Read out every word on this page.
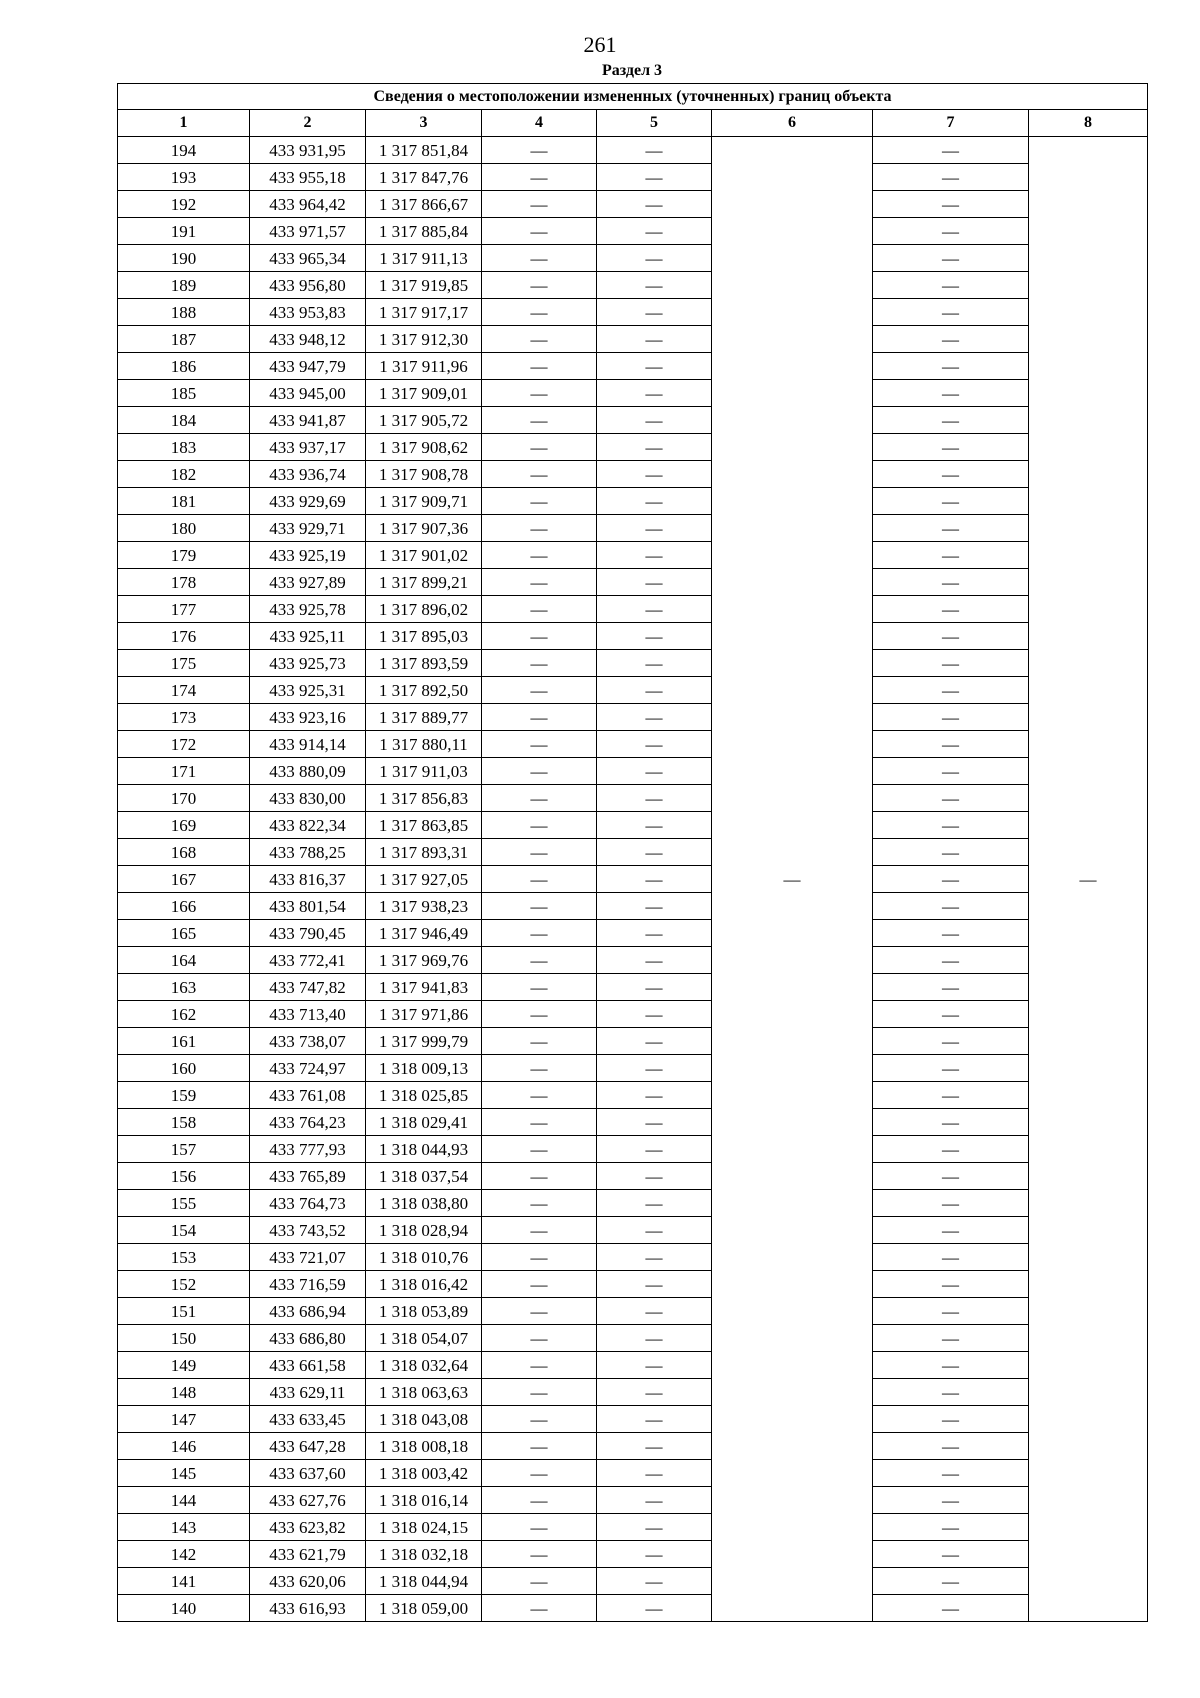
261
Раздел 3
Сведения о местоположении измененных (уточненных) границ объекта							
1	2	3	4	5	6	7	8
194	433 931,95	1 317 851,84	—	—	—	—	—
193	433 955,18	1 317 847,76	—	—		—	
192	433 964,42	1 317 866,67	—	—		—	
191	433 971,57	1 317 885,84	—	—		—	
190	433 965,34	1 317 911,13	—	—		—	
189	433 956,80	1 317 919,85	—	—		—	
188	433 953,83	1 317 917,17	—	—		—	
187	433 948,12	1 317 912,30	—	—		—	
186	433 947,79	1 317 911,96	—	—		—	
185	433 945,00	1 317 909,01	—	—		—	
184	433 941,87	1 317 905,72	—	—		—	
183	433 937,17	1 317 908,62	—	—		—	
182	433 936,74	1 317 908,78	—	—		—	
181	433 929,69	1 317 909,71	—	—		—	
180	433 929,71	1 317 907,36	—	—		—	
179	433 925,19	1 317 901,02	—	—		—	
178	433 927,89	1 317 899,21	—	—		—	
177	433 925,78	1 317 896,02	—	—		—	
176	433 925,11	1 317 895,03	—	—		—	
175	433 925,73	1 317 893,59	—	—		—	
174	433 925,31	1 317 892,50	—	—		—	
173	433 923,16	1 317 889,77	—	—		—	
172	433 914,14	1 317 880,11	—	—		—	
171	433 880,09	1 317 911,03	—	—		—	
170	433 830,00	1 317 856,83	—	—		—	
169	433 822,34	1 317 863,85	—	—		—	
168	433 788,25	1 317 893,31	—	—		—	
167	433 816,37	1 317 927,05	—	—		—	
166	433 801,54	1 317 938,23	—	—		—	
165	433 790,45	1 317 946,49	—	—		—	
164	433 772,41	1 317 969,76	—	—		—	
163	433 747,82	1 317 941,83	—	—		—	
162	433 713,40	1 317 971,86	—	—		—	
161	433 738,07	1 317 999,79	—	—		—	
160	433 724,97	1 318 009,13	—	—		—	
159	433 761,08	1 318 025,85	—	—		—	
158	433 764,23	1 318 029,41	—	—		—	
157	433 777,93	1 318 044,93	—	—		—	
156	433 765,89	1 318 037,54	—	—		—	
155	433 764,73	1 318 038,80	—	—		—	
154	433 743,52	1 318 028,94	—	—		—	
153	433 721,07	1 318 010,76	—	—		—	
152	433 716,59	1 318 016,42	—	—		—	
151	433 686,94	1 318 053,89	—	—		—	
150	433 686,80	1 318 054,07	—	—		—	
149	433 661,58	1 318 032,64	—	—		—	
148	433 629,11	1 318 063,63	—	—		—	
147	433 633,45	1 318 043,08	—	—		—	
146	433 647,28	1 318 008,18	—	—		—	
145	433 637,60	1 318 003,42	—	—		—	
144	433 627,76	1 318 016,14	—	—		—	
143	433 623,82	1 318 024,15	—	—		—	
142	433 621,79	1 318 032,18	—	—		—	
141	433 620,06	1 318 044,94	—	—		—	
140	433 616,93	1 318 059,00	—	—		—	
